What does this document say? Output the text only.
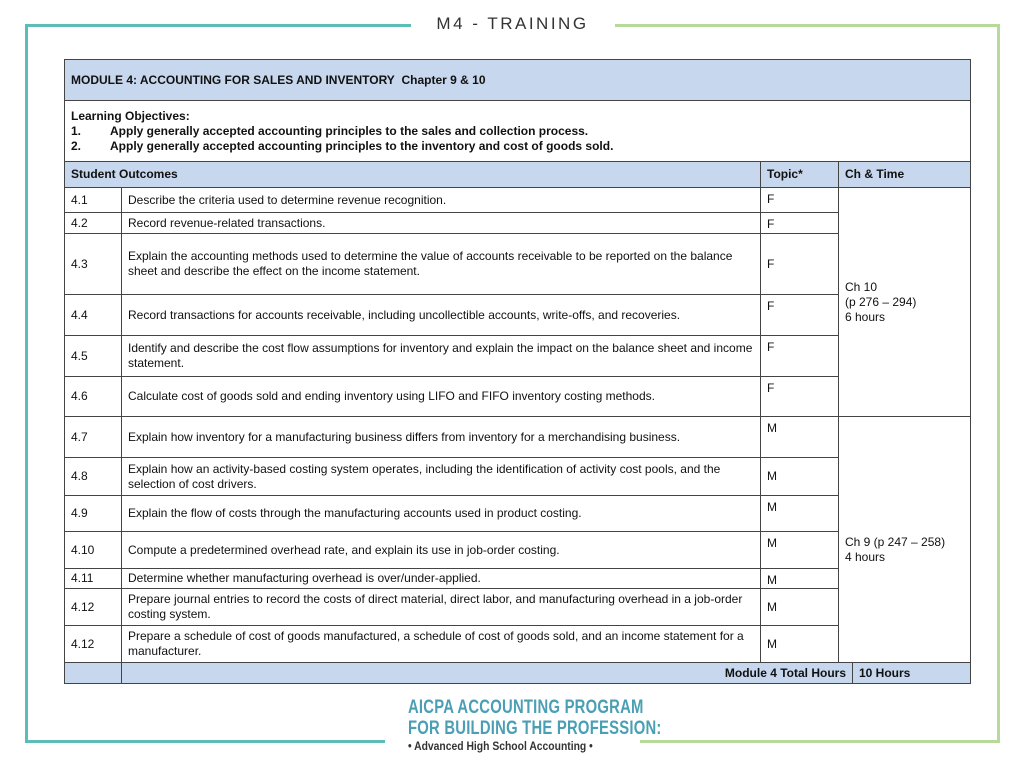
M4 - TRAINING
MODULE 4: ACCOUNTING FOR SALES AND INVENTORY Chapter 9 & 10				

Learning Objectives:
1. Apply generally accepted accounting principles to the sales and collection process.
2. Apply generally accepted accounting principles to the inventory and cost of goods sold.				

Student Outcomes		Topic*	Ch & Time	
4.1	Describe the criteria used to determine revenue recognition.	F	Ch 10
(p 276 – 294)
6 hours	

4.2	Record revenue-related transactions.	F		
4.3	Explain the accounting methods used to determine the value of accounts receivable to be reported on the balance sheet and describe the effect on the income statement.	F		
4.4	Record transactions for accounts receivable, including uncollectible accounts, write-offs, and recoveries.	F		
4.5	Identify and describe the cost flow assumptions for inventory and explain the impact on the balance sheet and income statement.	F		
4.6	Calculate cost of goods sold and ending inventory using LIFO and FIFO inventory costing methods.	F		
4.7	Explain how inventory for a manufacturing business differs from inventory for a merchandising business.	M	Ch 9 (p 247 – 258)
4 hours	

4.8	Explain how an activity-based costing system operates, including the identification of activity cost pools, and the selection of cost drivers.	M		
4.9	Explain the flow of costs through the manufacturing accounts used in product costing.	M		
4.10	Compute a predetermined overhead rate, and explain its use in job-order costing.	M		
4.11	Determine whether manufacturing overhead is over/under-applied.	M		
4.12	Prepare journal entries to record the costs of direct material, direct labor, and manufacturing overhead in a job-order costing system.	M		
4.12	Prepare a schedule of cost of goods manufactured, a schedule of cost of goods sold, and an income statement for a manufacturer.	M		
	Module 4 Total Hours			10 Hours
AICPA ACCOUNTING PROGRAM
FOR BUILDING THE PROFESSION:
• Advanced High School Accounting •
